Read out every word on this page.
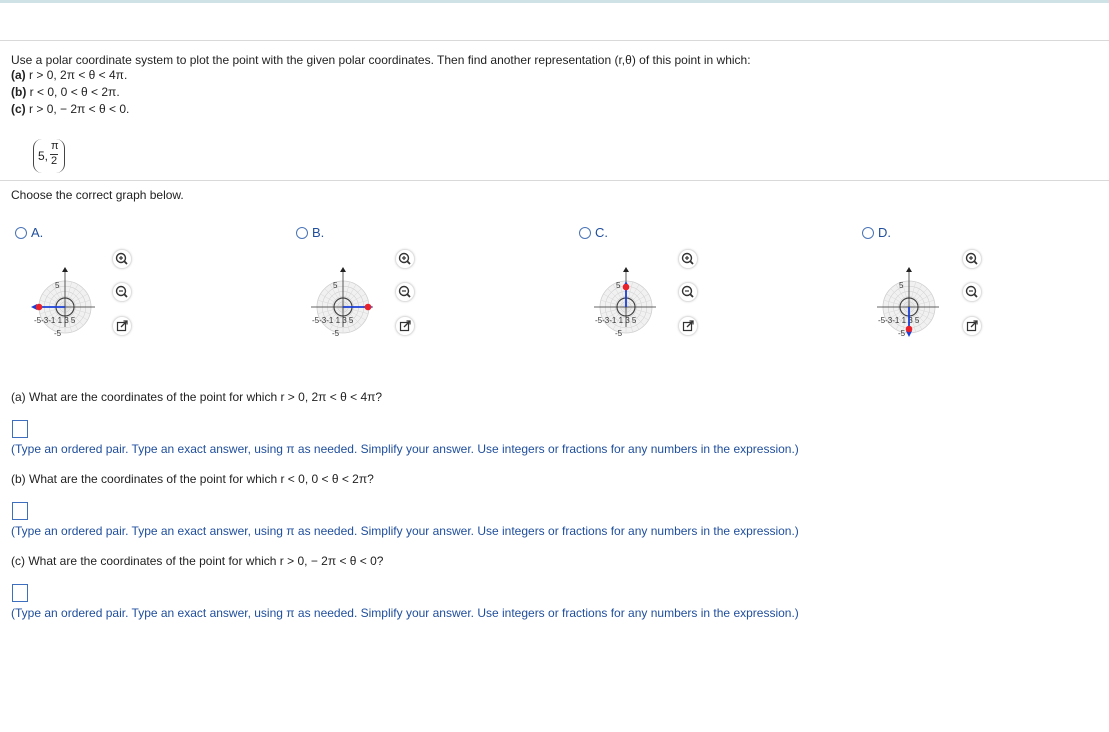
Use a polar coordinate system to plot the point with the given polar coordinates. Then find another representation (r,θ) of this point in which:
(a) r > 0, 2π < θ < 4π.
(b) r < 0, 0 < θ < 2π.
(c) r > 0, − 2π < θ < 0.
5,
π
2
Choose the correct graph below.
A.
5
-5
-5-3-1 1 3 5
B.
5
-5
-5-3-1 1 3 5
C.
5
-5
-5-3-1 1 3 5
D.
5
-5
-5-3-1 1 3 5
(a) What are the coordinates of the point for which r > 0, 2π < θ < 4π?
(Type an ordered pair. Type an exact answer, using π as needed. Simplify your answer. Use integers or fractions for any numbers in the expression.)
(b) What are the coordinates of the point for which r < 0, 0 < θ < 2π?
(Type an ordered pair. Type an exact answer, using π as needed. Simplify your answer. Use integers or fractions for any numbers in the expression.)
(c) What are the coordinates of the point for which r > 0, − 2π < θ < 0?
(Type an ordered pair. Type an exact answer, using π as needed. Simplify your answer. Use integers or fractions for any numbers in the expression.)
